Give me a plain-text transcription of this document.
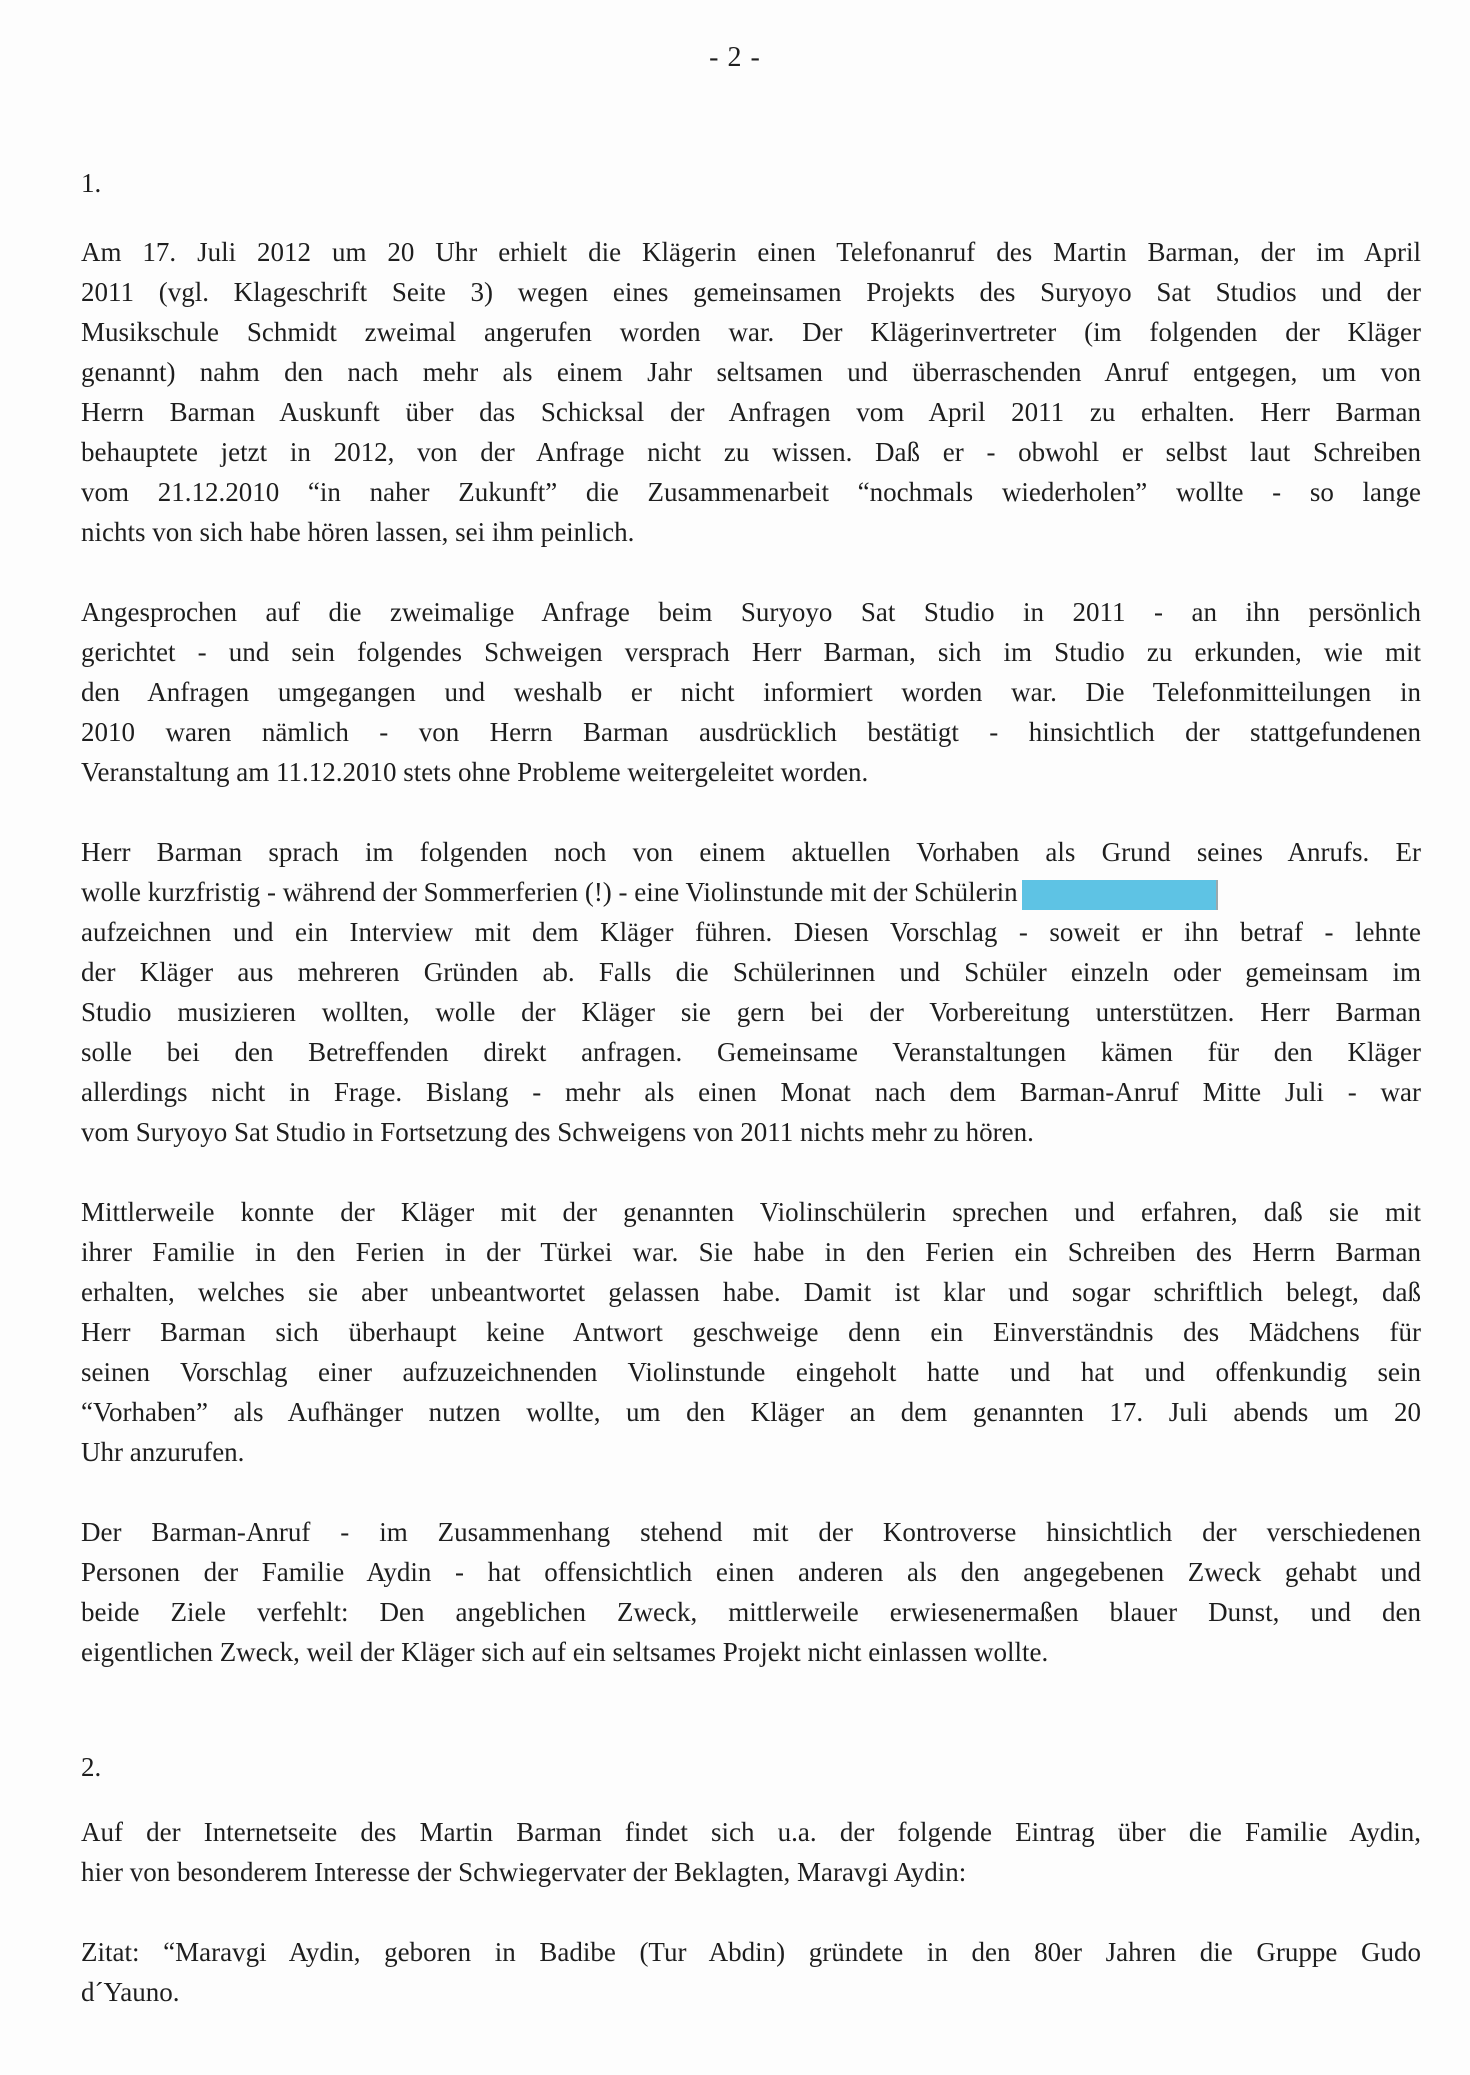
- 2 -
1.
Am 17. Juli 2012 um 20 Uhr erhielt die Klägerin einen Telefonanruf des Martin Barman, der im April
2011 (vgl. Klageschrift Seite 3) wegen eines gemeinsamen Projekts des Suryoyo Sat Studios und der
Musikschule Schmidt zweimal angerufen worden war. Der Klägerinvertreter (im folgenden der Kläger
genannt) nahm den nach mehr als einem Jahr seltsamen und überraschenden Anruf entgegen, um von
Herrn Barman Auskunft über das Schicksal der Anfragen vom April 2011 zu erhalten. Herr Barman
behauptete jetzt in 2012, von der Anfrage nicht zu wissen. Daß er - obwohl er selbst laut Schreiben
vom 21.12.2010 “in naher Zukunft” die Zusammenarbeit “nochmals wiederholen” wollte - so lange
nichts von sich habe hören lassen, sei ihm peinlich.
Angesprochen auf die zweimalige Anfrage beim Suryoyo Sat Studio in 2011 - an ihn persönlich
gerichtet - und sein folgendes Schweigen versprach Herr Barman, sich im Studio zu erkunden, wie mit
den Anfragen umgegangen und weshalb er nicht informiert worden war. Die Telefonmitteilungen in
2010 waren nämlich - von Herrn Barman ausdrücklich bestätigt - hinsichtlich der stattgefundenen
Veranstaltung am 11.12.2010 stets ohne Probleme weitergeleitet worden.
Herr Barman sprach im folgenden noch von einem aktuellen Vorhaben als Grund seines Anrufs. Er
wolle kurzfristig - während der Sommerferien (!) - eine Violinstunde mit der Schülerin
aufzeichnen und ein Interview mit dem Kläger führen. Diesen Vorschlag - soweit er ihn betraf - lehnte
der Kläger aus mehreren Gründen ab. Falls die Schülerinnen und Schüler einzeln oder gemeinsam im
Studio musizieren wollten, wolle der Kläger sie gern bei der Vorbereitung unterstützen. Herr Barman
solle bei den Betreffenden direkt anfragen. Gemeinsame Veranstaltungen kämen für den Kläger
allerdings nicht in Frage. Bislang - mehr als einen Monat nach dem Barman-Anruf Mitte Juli - war
vom Suryoyo Sat Studio in Fortsetzung des Schweigens von 2011 nichts mehr zu hören.
Mittlerweile konnte der Kläger mit der genannten Violinschülerin sprechen und erfahren, daß sie mit
ihrer Familie in den Ferien in der Türkei war. Sie habe in den Ferien ein Schreiben des Herrn Barman
erhalten, welches sie aber unbeantwortet gelassen habe. Damit ist klar und sogar schriftlich belegt, daß
Herr Barman sich überhaupt keine Antwort geschweige denn ein Einverständnis des Mädchens für
seinen Vorschlag einer aufzuzeichnenden Violinstunde eingeholt hatte und hat und offenkundig sein
“Vorhaben” als Aufhänger nutzen wollte, um den Kläger an dem genannten 17. Juli abends um 20
Uhr anzurufen.
Der Barman-Anruf - im Zusammenhang stehend mit der Kontroverse hinsichtlich der verschiedenen
Personen der Familie Aydin - hat offensichtlich einen anderen als den angegebenen Zweck gehabt und
beide Ziele verfehlt: Den angeblichen Zweck, mittlerweile erwiesenermaßen blauer Dunst, und den
eigentlichen Zweck, weil der Kläger sich auf ein seltsames Projekt nicht einlassen wollte.
2.
Auf der Internetseite des Martin Barman findet sich u.a. der folgende Eintrag über die Familie Aydin,
hier von besonderem Interesse der Schwiegervater der Beklagten, Maravgi Aydin:
Zitat: “Maravgi Aydin, geboren in Badibe (Tur Abdin) gründete in den 80er Jahren die Gruppe Gudo
d´Yauno.
